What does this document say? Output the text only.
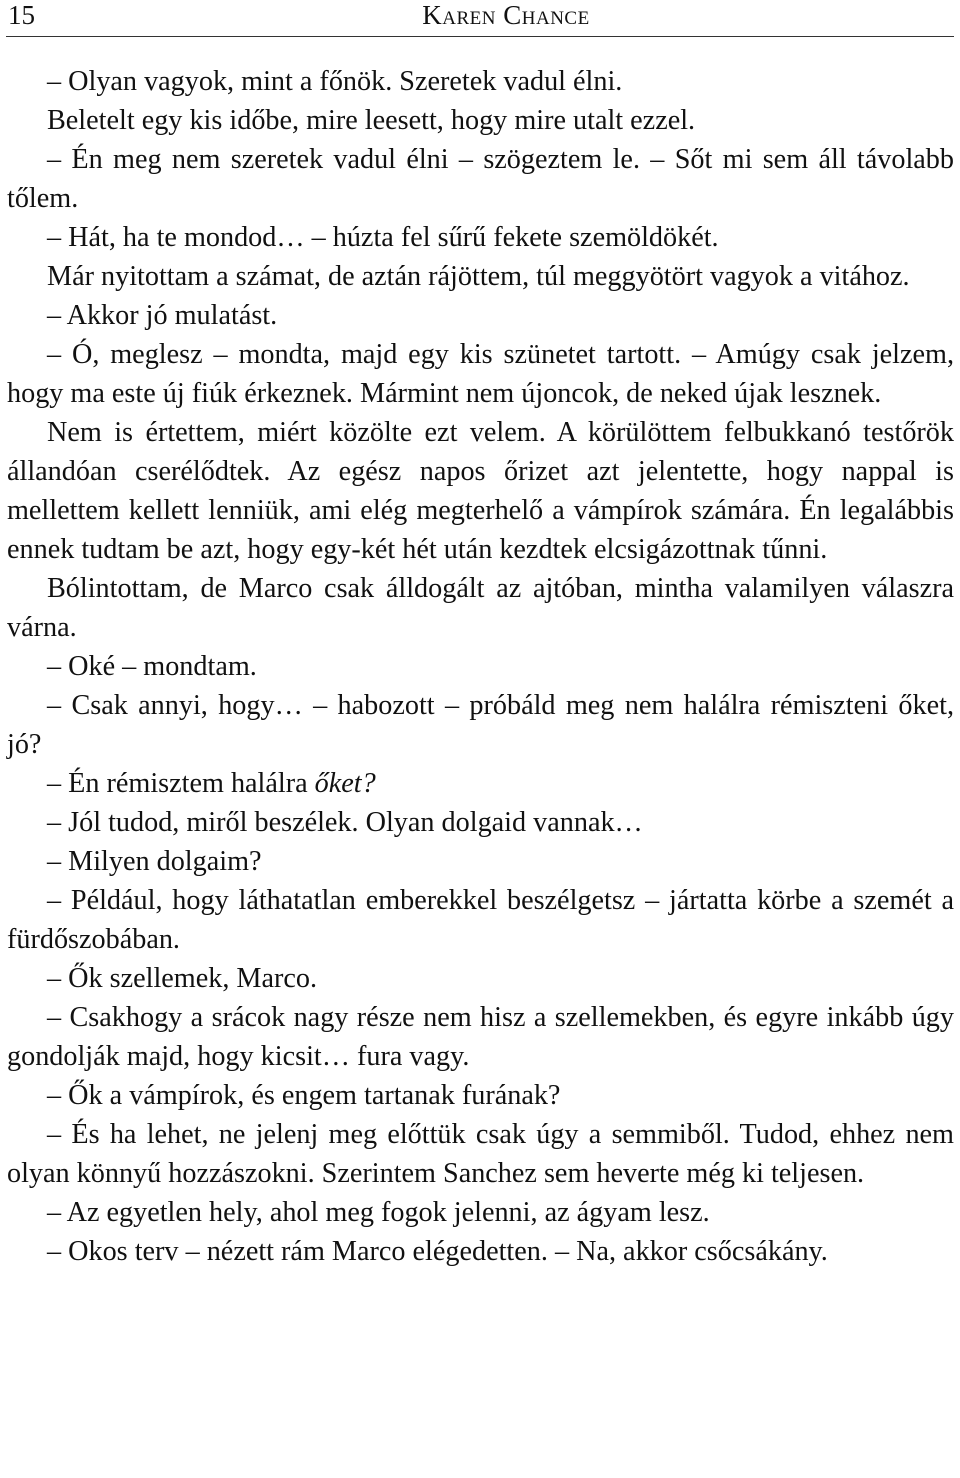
15	Karen Chance

– Olyan vagyok, mint a főnök. Szeretek vadul élni.

Beletelt egy kis időbe, mire leesett, hogy mire utalt ezzel.

– Én meg nem szeretek vadul élni – szögeztem le. – Sőt mi sem áll távolabb tőlem.

– Hát, ha te mondod… – húzta fel sűrű fekete szemöldökét.

Már nyitottam a számat, de aztán rájöttem, túl meggyötört vagyok a vitához.

– Akkor jó mulatást.

– Ó, meglesz – mondta, majd egy kis szünetet tartott. – Amúgy csak jelzem, hogy ma este új fiúk érkeznek. Mármint nem újoncok, de neked újak lesznek.

Nem is értettem, miért közölte ezt velem. A körülöttem felbukkanó testőrök állandóan cserélődtek. Az egész napos őrizet azt jelentette, hogy nappal is mellettem kellett lenniük, ami elég megterhelő a vámpírok számára. Én legalábbis ennek tudtam be azt, hogy egy-két hét után kezdtek elcsigázottnak tűnni.

Bólintottam, de Marco csak álldogált az ajtóban, mintha valamilyen válaszra várna.

– Oké – mondtam.

– Csak annyi, hogy… – habozott – próbáld meg nem halálra rémiszteni őket, jó?

– Én rémisztem halálra őket?

– Jól tudod, miről beszélek. Olyan dolgaid vannak…

– Milyen dolgaim?

– Például, hogy láthatatlan emberekkel beszélgetsz – jártatta körbe a szemét a fürdőszobában.

– Ők szellemek, Marco.

– Csakhogy a srácok nagy része nem hisz a szellemekben, és egyre inkább úgy gondolják majd, hogy kicsit… fura vagy.

– Ők a vámpírok, és engem tartanak furának?

– És ha lehet, ne jelenj meg előttük csak úgy a semmiből. Tudod, ehhez nem olyan könnyű hozzászokni. Szerintem Sanchez sem heverte még ki teljesen.

– Az egyetlen hely, ahol meg fogok jelenni, az ágyam lesz.

– Okos terv – nézett rám Marco elégedetten. – Na, akkor csőcsákány.
